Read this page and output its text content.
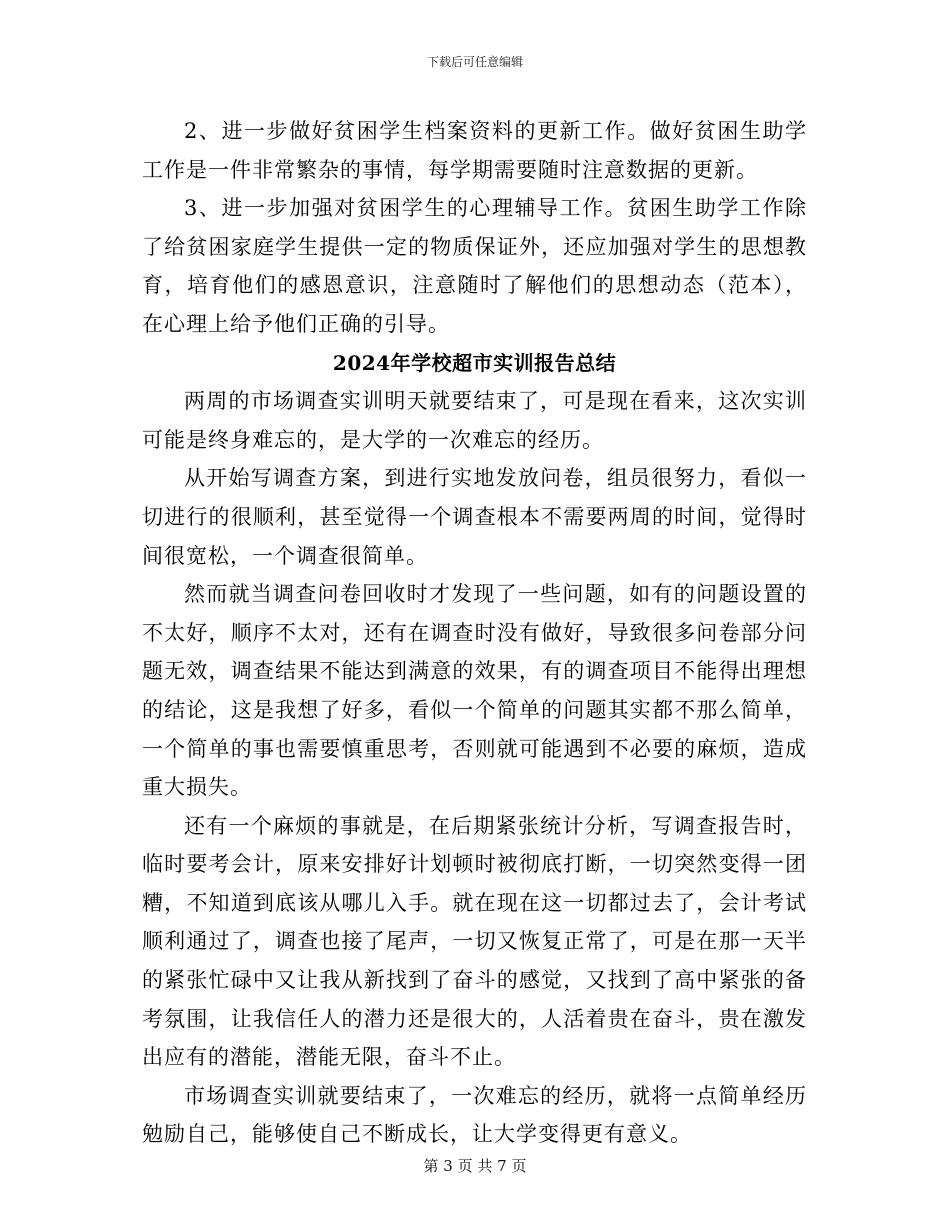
下载后可任意编辑

2、进一步做好贫困学生档案资料的更新工作。做好贫困生助学工作是一件非常繁杂的事情，每学期需要随时注意数据的更新。

3、进一步加强对贫困学生的心理辅导工作。贫困生助学工作除了给贫困家庭学生提供一定的物质保证外，还应加强对学生的思想教育，培育他们的感恩意识，注意随时了解他们的思想动态（范本），在心理上给予他们正确的引导。

2024年学校超市实训报告总结

两周的市场调查实训明天就要结束了，可是现在看来，这次实训可能是终身难忘的，是大学的一次难忘的经历。

从开始写调查方案，到进行实地发放问卷，组员很努力，看似一切进行的很顺利，甚至觉得一个调查根本不需要两周的时间，觉得时间很宽松，一个调查很简单。

然而就当调查问卷回收时才发现了一些问题，如有的问题设置的不太好，顺序不太对，还有在调查时没有做好，导致很多问卷部分问题无效，调查结果不能达到满意的效果，有的调查项目不能得出理想的结论，这是我想了好多，看似一个简单的问题其实都不那么简单，一个简单的事也需要慎重思考，否则就可能遇到不必要的麻烦，造成重大损失。

还有一个麻烦的事就是，在后期紧张统计分析，写调查报告时，临时要考会计，原来安排好计划顿时被彻底打断，一切突然变得一团糟，不知道到底该从哪儿入手。就在现在这一切都过去了，会计考试顺利通过了，调查也接了尾声，一切又恢复正常了，可是在那一天半的紧张忙碌中又让我从新找到了奋斗的感觉，又找到了高中紧张的备考氛围，让我信任人的潜力还是很大的，人活着贵在奋斗，贵在激发出应有的潜能，潜能无限，奋斗不止。

市场调查实训就要结束了，一次难忘的经历，就将一点简单经历勉励自己，能够使自己不断成长，让大学变得更有意义。

第 3 页 共 7 页
